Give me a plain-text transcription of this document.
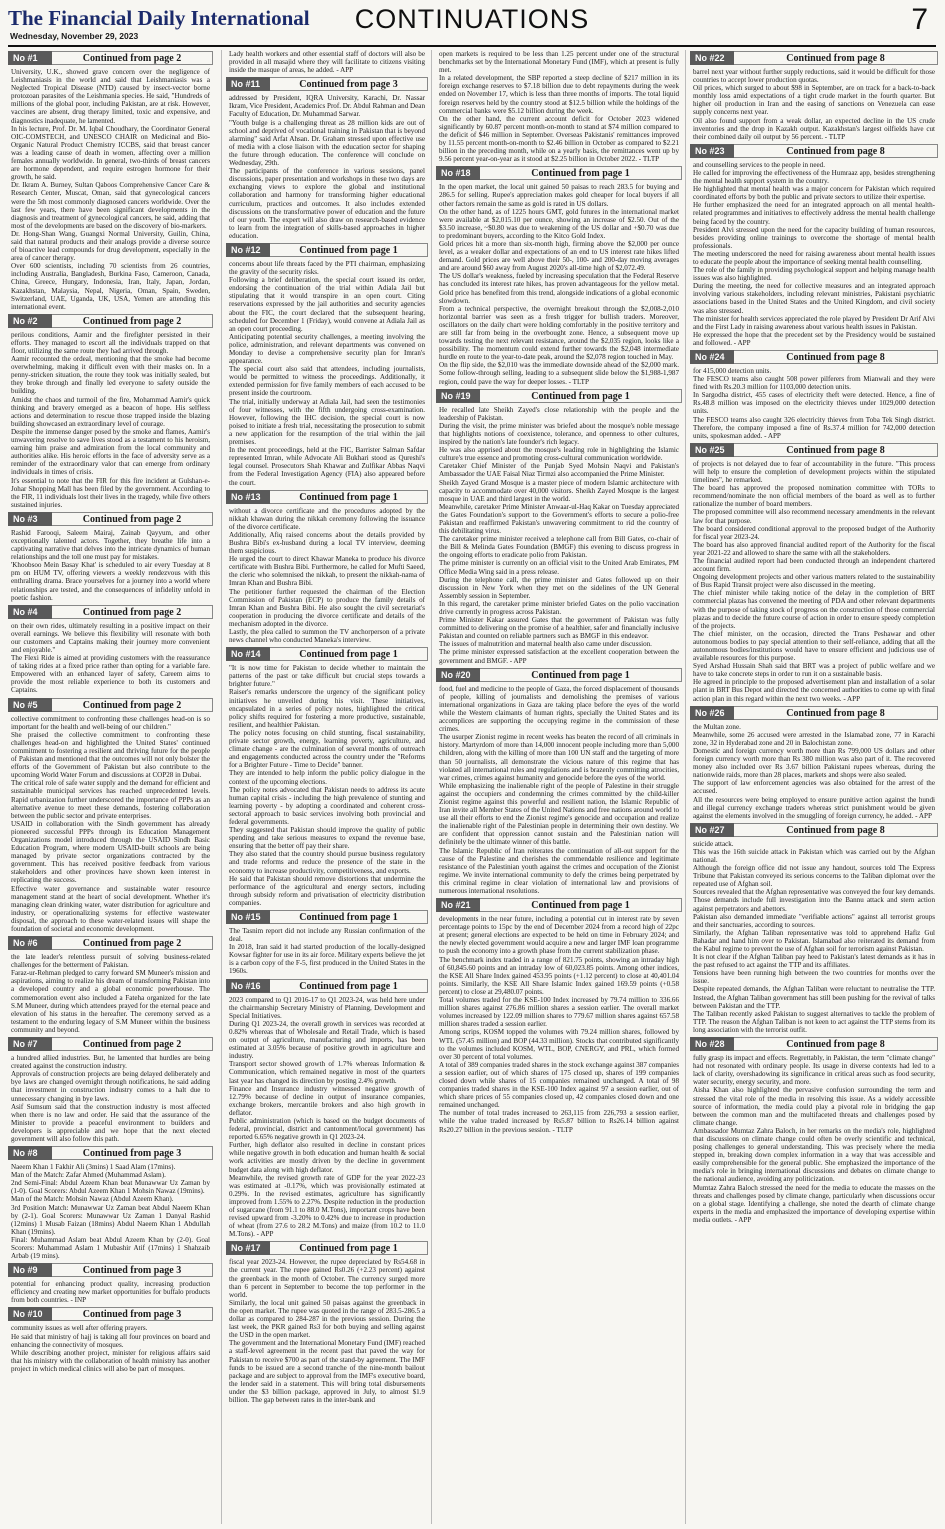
The Financial Daily International
Wednesday, November 29, 2023
CONTINUATIONS	7
No #1	Continued from page 2

University, U.K., showed grave concern over the negligence of Leishmaniasis in the world and said that Leishmaniasis was a Neglected Tropical Disease (NTD) caused by insect-vector borne protozoan parasites of the Leishmania species. He said, "Hundreds of millions of the global poor, including Pakistan, are at risk. However, vaccines are absent, drug therapy limited, toxic and expensive, and diagnostics inadequate, he lamented.
In his lecture, Prof. Dr. M. Iqbal Choudhary, the Coordinator General OIC-COMSTECH, and UNESCO CHAIR on Medicinal and Bio-Organic Natural Product Chemistry ICCBS, said that breast cancer was a leading cause of death in women, affecting over a million females annually worldwide. In general, two-thirds of breast cancers are hormone dependent, and require estrogen hormone for their growth, he said.
Dr. Ikram A. Burney, Sultan Qaboos Comprehensive Cancer Care & Research Center, Muscat, Oman, said that gynecological cancers were the 5th most commonly diagnosed cancers worldwide. Over the last few years, there have been significant developments in the diagnosis and treatment of gynecological cancers, he said, adding that most of the developments are based on the discovery of bio-markers.
Dr. Hong-Shan Wang, Guangxi Normal University, Guilin, China, said that natural products and their analogs provide a diverse source of bioactive lead compounds for drug development, especially in the area of cancer therapy.
Over 600 scientists, including 70 scientists from 26 countries, including Australia, Bangladesh, Burkina Faso, Cameroon, Canada, China, Greece, Hungary, Indonesia, Iran, Italy, Japan, Jordan, Kazakhstan, Malaysia, Nepal, Nigeria, Oman, Spain, Sweden, Switzerland, UAE, Uganda, UK, USA, Yemen are attending this international event.

No #2	Continued from page 2

perilous conditions, Aamir and the firefighter persisted in their efforts. They managed to escort all the individuals trapped on that floor, utilizing the same route they had arrived through.
Aamir recounted the ordeal, mentioning that the smoke had become overwhelming, making it difficult even with their masks on. In a penny-stricken situation, the route they took was initially sealed, but they broke through and finally led everyone to safety outside the building.
Amidst the chaos and turmoil of the fire, Mohammad Aamir's quick thinking and bravery emerged as a beacon of hope. His selfless actions and determination to rescue those trapped inside the blazing building showcased an extraordinary level of courage.
Despite the immense danger posed by the smoke and flames, Aamir's unwavering resolve to save lives stood as a testament to his heroism, earning him praise and admiration from the local community and authorities alike. His heroic efforts in the face of adversity serve as a reminder of the extraordinary valor that can emerge from ordinary individuals in times of crisis.
It's essential to note that the FIR for this fire incident at Gulshan-e-Johar Shopping Mall has been filed by the government. According to the FIR, 11 individuals lost their lives in the tragedy, while five others sustained injuries.

No #3	Continued from page 2

Rashid Farooqi, Saleem Mairaj, Zainab Qayyum, and other exceptionally talented actors. Together, they breathe life into a captivating narrative that delves into the intricate dynamics of human relationships and the toll one must pay for mistakes.
'Khoobsoo Mein Basay Khat' is scheduled to air every Tuesday at 8 pm on HUM TV, offering viewers a weekly rendezvous with this enthralling drama. Brace yourselves for a journey into a world where relationships are tested, and the consequences of infidelity unfold in poetic fashion.

No #4	Continued from page 2

on their own rides, ultimately resulting in a positive impact on their overall earnings. We believe this flexibility will resonate with both our customers and Captains making their journey more convenient and enjoyable."
The Flexi Ride is aimed at providing customers with the reassurance of taking rides at a fixed price rather than opting for a variable fare. Empowered with an enhanced layer of safety, Careem aims to provide the most reliable experience to both its customers and Captains.

No #5	Continued from page 2

collective commitment to confronting these challenges head-on is so important for the health and well-being of our children."
She praised the collective commitment to confronting these challenges head-on and highlighted the United States' continued commitment to fostering a resilient and thriving future for the people of Pakistan and mentioned that the outcomes will not only bolster the efforts of the Government of Pakistan but also contribute to the upcoming World Water Forum and discussions at COP28 in Dubai.
The critical role of safe water supply and the demand for efficient and sustainable municipal services has reached unprecedented levels. Rapid urbanization further underscored the importance of PPPs as an alternative avenue to meet these demands, fostering collaboration between the public sector and private enterprises.
USAID in collaboration with the Sindh government has already pioneered successful PPPs through its Education Management Organizations model introduced through the USAID Sindh Basic Education Program, where modern USAID-built schools are being managed by private sector organizations contracted by the government. This has received positive feedback from various stakeholders and other provinces have shown keen interest in replicating the success.
Effective water governance and sustainable water resource management stand at the heart of social development. Whether it's managing clean drinking water, water distribution for agriculture and industry, or operationalizing systems for effective wastewater disposal, the approach to these water-related issues will shape the foundation of societal and economic development.

No #6	Continued from page 2

the late leader's relentless pursuit of solving business-related challenges for the betterment of Pakistan.
Faraz-ur-Rehman pledged to carry forward SM Muneer's mission and aspirations, aiming to realize his dream of transforming Pakistan into a developed country and a global economic powerhouse. The commemoration event also included a Fateha organized for the late S.M Muneer, during which attendees prayed for the eternal peace and elevation of his status in the hereafter. The ceremony served as a testament to the enduring legacy of S.M Muneer within the business community and beyond.

No #7	Continued from page 2

a hundred allied industries. But, he lamented that hurdles are being created against the construction industry.
Approvals of construction projects are being delayed deliberately and bye laws are changed overnight through notifications, he said adding that investment in construction industry comes to a halt due to unnecessary changing in bye laws.
Asif Sumsum said that the construction industry is most affected when there is no law and order. He said that the assurance of the Minister to provide a peaceful environment to builders and developers is appreciable and we hope that the next elected government will also follow this path.

No #8	Continued from page 3

Naeem Khan 1 Fakhir Ali (3mins) 1 Saad Alam (17mins).
Man of the Match: Zafar Ahmed (Muhammad Aslam).
2nd Semi-Final: Abdul Azeem Khan beat Munawwar Uz Zaman by (1-0). Goal Scorers: Abdul Azeem Khan 1 Mohsin Nawaz (19mins).
Man of the Match: Mohsin Nawaz (Abdul Azeem Khan).
3rd Position Match: Munawwar Uz Zaman beat Abdul Naeem Khan by (2-1). Goal Scorers: Munawwar Uz Zaman 1 Danyal Rashid (12mins) 1 Musab Faizan (18mins) Abdul Naeem Khan 1 Abdullah Khan (19mins).
Final: Muhammad Aslam beat Abdul Azeem Khan by (2-0). Goal Scorers: Muhammad Aslam 1 Mubashir Atif (17mins) 1 Shahzaib Arbab (19 mins).

No #9	Continued from page 3

potential for enhancing product quality, increasing production efficiency and creating new market opportunities for buffalo products from both countries. - INP

No #10	Continued from page 3

community issues as well after offering prayers.
He said that ministry of hajj is taking all four provinces on board and enhancing the connectivity of mosques.
While describing another project, minister for religious affairs said that his ministry with the collaboration of health ministry has another project in which medical clinics will also be part of mosques.

Lady health workers and other essential staff of doctors will also be provided in all masajid where they will facilitate to citizens visiting inside the masque of areas, he added. - APP

No #11	Continued from page 3

addressed by President, IQRA University, Karachi, Dr. Nassar Ikram, Vice President, Academics Prof. Dr. Abdul Rahman and Dean Faculty of Education, Dr. Muhammad Sarwar.
"Youth bulge is a challenging threat as 28 million kids are out of school and deprived of vocational training in Pakistan that is beyond alarming" said Arfat Ahsan. Dr. Graham stressed upon effective use of media with a close liaison with the education sector for shaping the future through education. The conference will conclude on Wednesday, 29th.
The participants of the conference in various sessions, panel discussions, paper presentation and workshops in these two days are exchanging views to explore the global and institutional collaboration and harmony for transforming higher educational curriculum, practices and outcomes. It also includes extended discussions on the transformative power of education and the future of our youth. The expert will also draw on research-based evidence to learn from the integration of skills-based approaches in higher education.

No #12	Continued from page 1

concerns about life threats faced by the PTI chairman, emphasizing the gravity of the security risks.
Following a brief deliberation, the special court issued its order, endorsing the continuation of the trial within Adiala Jail but stipulating that it would transpire in an open court. Citing reservations expressed by the jail authorities and security agencies about the FIC, the court declared that the subsequent hearing, scheduled for December 1 (Friday), would convene at Adiala Jail as an open court proceeding.
Anticipating potential security challenges, a meeting involving the police, administration, and relevant departments was convened on Monday to devise a comprehensive security plan for Imran's appearance.
The special court also said that attendees, including journalists, would be permitted to witness the proceedings. Additionally, it extended permission for five family members of each accused to be present inside the courtroom.
The trial, initially underway at Adiala Jail, had seen the testimonies of four witnesses, with the fifth undergoing cross-examination. However, following the IHC decision, the special court is now poised to initiate a fresh trial, necessitating the prosecution to submit a new application for the resumption of the trial within the jail premises.
In the recent proceedings, held at the FIC, Barrister Salman Safdar represented Imran, while Advocate Ali Bukhari stood as Qureshi's legal counsel. Prosecutors Shah Khawar and Zulfikar Abbas Naqvi from the Federal Investigation Agency (FIA) also appeared before the court.

No #13	Continued from page 1

without a divorce certificate and the procedures adopted by the nikkah khawan during the nikkah ceremony following the issuance of the divorce certificate.
Additionally, Afiq raised concerns about the details provided by Bushra Bibi's ex-husband during a local TV interview, deeming them suspicious.
He urged the court to direct Khawar Maneka to produce his divorce certificate with Bushra Bibi. Furthermore, he called for Mufti Saeed, the cleric who solemnised the nikkah, to present the nikkah-nama of Imran Khan and Bushra Bibi.
The petitioner further requested the chairman of the Election Commission of Pakistan (ECP) to produce the family details of Imran Khan and Bushra Bibi. He also sought the civil secretariat's cooperation in producing the divorce certificate and details of the mechanism adopted in the divorce.
Lastly, the plea called to summon the TV anchorperson of a private news channel who conducted Maneka's interview.

No #14	Continued from page 1

"It is now time for Pakistan to decide whether to maintain the patterns of the past or take difficult but crucial steps towards a brighter future."
Raiser's remarks underscore the urgency of the significant policy initiatives he unveiled during his visit. These initiatives, encapsulated in a series of policy notes, highlighted the critical policy shifts required for fostering a more productive, sustainable, resilient, and healthier Pakistan.
The policy notes focusing on child stunting, fiscal sustainability, private sector growth, energy, learning poverty, agriculture, and climate change - are the culmination of several months of outreach and engagements conducted across the country under the "Reforms for a Brighter Future - Time to Decide" banner.
They are intended to help inform the public policy dialogue in the context of the upcoming elections.
The policy notes advocated that Pakistan needs to address its acute human capital crisis - including the high prevalence of stunting and learning poverty - by adopting a coordinated and coherent cross-sectoral approach to basic services involving both provincial and federal governments.
They suggested that Pakistan should improve the quality of public spending and take serious measures to expand the revenue base, ensuring that the better off pay their share.
They also stated that the country should pursue business regulatory and trade reforms and reduce the presence of the state in the economy to increase productivity, competitiveness, and exports.
He said that Pakistan should remove distortions that undermine the performance of the agricultural and energy sectors, including through subsidy reform and privatisation of electricity distribution companies.

No #15	Continued from page 1

The Tasnim report did not include any Russian confirmation of the deal.
In 2018, Iran said it had started production of the locally-designed Kowsar fighter for use in its air force. Military experts believe the jet is a carbon copy of the F-5, first produced in the United States in the 1960s.

No #16	Continued from page 1

2023 compared to Q1 2016-17 to Q1 2023-24, was held here under the chairmanship Secretary Ministry of Planning, Development and Special Initiatives.
During Q1 2023-24, the overall growth in services was recorded at 0.82% whereas that of Wholesale and Retail Trade, which is based on output of agriculture, manufacturing and imports, has been estimated at 3.05% because of positive growth in agriculture and industry.
Transport sector showed growth of 1.7% whereas Information & Communication, which remained negative in most of the quarters last year has changed its direction by posting 2.4% growth.
Finance and Insurance industry witnessed negative growth of 12.79% because of decline in output of insurance companies, exchange brokers, mercantile brokers and also high growth in deflator.
Public administration (which is based on the budget documents of federal, provincial, district and cantonment/local government) has reported 6.65% negative growth in Q1 2023-24.
Further, high deflator also resulted in decline in constant prices while negative growth in both education and human health & social work activities are mostly driven by the decline in government budget data along with high deflator.
Meanwhile, the revised growth rate of GDP for the year 2022-23 was estimated at -0.17%, which was provisionally estimated at 0.29%. In the revised estimates, agriculture has significantly improved from 1.55% to 2.27%. Despite reduction in the production of sugarcane (from 91.1 to 88.0 M.Tons), important crops have been revised upward from -3.20% to 0.42% due to increase in production of wheat (from 27.6 to 28.2 M.Tons) and maize (from 10.2 to 11.0 M.Tons). - APP

No #17	Continued from page 1

fiscal year 2023-24. However, the rupee depreciated by Rs54.68 in the current year. The rupee gained Rs0.26 (+2.23 percent) against the greenback in the month of October. The currency surged more than 6 percent in September to become the top performer in the world.
Similarly, the local unit gained 50 paisas against the greenback in the open market. The rupee was quoted in the range of 283.5-286.5 a dollar as compared to 284-287 in the previous session. During the last week, the PKR gained Rs3 for both buying and selling against the USD in the open market.
The government and the International Monetary Fund (IMF) reached a staff-level agreement in the recent past that paved the way for Pakistan to receive $700 as part of the stand-by agreement. The IMF funds to be issued are a second tranche of the nine-month bailout package and are subject to approval from the IMF's executive board, the lender said in a statement. This will bring total disbursements under the $3 billion package, approved in July, to almost $1.9 billion. The gap between rates in the inter-bank and

open markets is required to be less than 1.25 percent under one of the structural benchmarks set by the International Monetary Fund (IMF), which at present is fully met.
In a related development, the SBP reported a steep decline of $217 million in its foreign exchange reserves to $7.18 billion due to debt repayments during the week ended on November 17, which is less than three months of imports. The total liquid foreign reserves held by the country stood at $12.5 billion while the holdings of the commercial banks were $5.12 billion during the week.
On the other hand, the current account deficit for October 2023 widened significantly by 60.87 percent month-on-month to stand at $74 million compared to the deficit of $46 million in September. Overseas Pakistanis' remittances improved by 11.55 percent month-on-month to $2.46 billion in October as compared to $2.21 billion in the preceding month, while on a yearly basis, the remittances went up by 9.56 percent year-on-year as it stood at $2.25 billion in October 2022. - TLTP

No #18	Continued from page 1

In the open market, the local unit gained 50 paisas to reach 283.5 for buying and 286.5 for selling. Rupee's appreciation makes gold cheaper for local buyers if all other factors remain the same as gold is rated in US dollars.
On the other hand, as of 1225 hours GMT, gold futures in the international market were available at $2,015.10 per ounce, showing an increase of $2.50. Out of the $3.50 increase, ~$0.80 was due to weakening of the US dollar and +$0.70 was due to predominant buyers, according to the Kitco Gold Index.
Gold prices hit a more than six-month high, firming above the $2,000 per ounce level, as a weaker dollar and expectations of an end to US interest rate hikes lifted demand. Gold prices are well above their 50-, 100- and 200-day moving averages and are around $60 away from August 2020's all-time high of $2,072.49.
The US dollar's weakness, fueled by increasing speculation that the Federal Reserve has concluded its interest rate hikes, has proven advantageous for the yellow metal. Gold price has benefited from this trend, alongside indications of a global economic slowdown.
From a technical perspective, the overnight breakout through the $2,008-2,010 horizontal barrier was seen as a fresh trigger for bullish traders. Moreover, oscillators on the daily chart were holding comfortably in the positive territory and are still far from being in the overbought zone. Hence, a subsequent move up towards testing the next relevant resistance, around the $2,035 region, looks like a possibility. The momentum could extend further towards the $2,048 intermediate hurdle en route to the year-to-date peak, around the $2,078 region touched in May.
On the flip side, the $2,010 was the immediate downside ahead of the $2,000 mark. Some follow-through selling, leading to a subsequent slide below the $1,988-1,987 region, could pave the way for deeper losses. - TLTP

No #19	Continued from page 1

He recalled late Sheikh Zayed's close relationship with the people and the leadership of Pakistan.
During the visit, the prime minister was briefed about the mosque's noble message that highlights notions of coexistence, tolerance, and openness to other cultures, inspired by the nation's late founder's rich legacy.
He was also apprised about the mosque's leading role in highlighting the Islamic culture's true essence and promoting cross-cultural communication worldwide.
Caretaker Chief Minister of the Punjab Syed Mohsin Naqvi and Pakistan's Ambassador the UAE Faisal Niaz Tirmzi also accompanied the Prime Minister.
Sheikh Zayed Grand Mosque is a master piece of modern Islamic architecture with capacity to accommodate over 40,000 visitors. Sheikh Zayed Mosque is the largest mosque in UAE and third largest in the world.
Meanwhile, caretaker Prime Minister Anwaar-ul-Haq Kakar on Tuesday appreciated the Gates Foundation's support to the Government's efforts to secure a polio-free Pakistan and reaffirmed Pakistan's unwavering commitment to rid the country of this debilitating virus.
The caretaker prime minister received a telephone call from Bill Gates, co-chair of the Bill & Melinda Gates Foundation (BMGF) this evening to discuss progress in the ongoing efforts to eradicate polio from Pakistan.
The prime minister is currently on an official visit to the United Arab Emirates, PM Office Media Wing said in a press release.
During the telephone call, the prime minister and Gates followed up on their discussion in New York when they met on the sidelines of the UN General Assembly session in September.
In this regard, the caretaker prime minister briefed Gates on the polio vaccination drive currently in progress across Pakistan.
Prime Minister Kakar assured Gates that the government of Pakistan was fully committed to delivering on the promise of a healthier, safer and financially inclusive Pakistan and counted on reliable partners such as BMGF in this endeavor.
The issues of malnutrition and maternal health also came under discussion.
The prime minister expressed satisfaction at the excellent cooperation between the government and BMGF. - APP

No #20	Continued from page 1

food, fuel and medicine to the people of Gaza, the forced displacement of thousands of people, killing of journalists and demolishing the premises of various international organizations in Gaza are taking place before the eyes of the world while the Western claimants of human rights, specially the United States and its accomplices are supporting the occupying regime in the commission of these crimes.
The usurper Zionist regime in recent weeks has beaten the record of all criminals in history. Martyrdom of more than 14,000 innocent people including more than 5,000 children, along with the killing of more than 100 UN staff and the targeting of more than 50 journalists, all demonstrate the vicious nature of this regime that has violated all international rules and regulations and is brazenly committing atrocities, war crimes, crimes against humanity and genocide before the eyes of the world.
While emphasizing the inalienable right of the people of Palestine in their struggle against the occupiers and condemning the crimes committed by the child-killer Zionist regime against this powerful and resilient nation, the Islamic Republic of Iran invite all Member States of the United Nations and free nations around world to use all their efforts to end the Zionist regime's genocide and occupation and realize the inalienable right of the Palestinian people in determining their own destiny. We are confident that oppression cannot sustain and the Palestinian nation will definitely be the ultimate winner of this battle.
The Islamic Republic of Iran reiterates the continuation of all-out support for the cause of the Palestine and cherishes the commendable resilience and legitimate resistance of the Palestinian youth against the crimes and occupation of the Zionist regime. We invite international community to defy the crimes being perpetrated by this criminal regime in clear violation of international law and provisions of numerous international resolutions.

No #21	Continued from page 1

developments in the near future, including a potential cut in interest rate by seven percentage points to 15pc by the end of December 2024 from a record high of 22pc at present; general elections are expected to be held on time in February 2024; and the newly elected government would acquire a new and larger IMF loan programme to push the economy into a growth phase from the current stabilization phase.
The benchmark index traded in a range of 821.75 points, showing an intraday high of 60,845.60 points and an intraday low of 60,023.85 points. Among other indices, the KSE All Share Index gained 453.95 points (+1.12 percent) to close at 40,401.04 points. Similarly, the KSE All Share Islamic Index gained 169.59 points (+0.58 percent) to close at 29,480.07 points.
Total volumes traded for the KSE-100 Index increased by 79.74 million to 336.66 million shares against 276.86 million shares a session earlier. The overall market volumes increased by 122.09 million shares to 779.67 million shares against 657.58 million shares traded a session earlier.
Among scrips, KOSM topped the volumes with 79.24 million shares, followed by WTL (57.45 million) and BOP (44.33 million). Stocks that contributed significantly to the volumes included KOSM, WTL, BOP, CNERGY, and PRL, which formed over 30 percent of total volumes.
A total of 389 companies traded shares in the stock exchange against 387 companies a session earlier, out of which shares of 175 closed up, shares of 199 companies closed down while shares of 15 companies remained unchanged. A total of 98 companies traded shares in the KSE-100 Index against 97 a session earlier, out of which share prices of 55 companies closed up, 42 companies closed down and one remained unchanged.
The number of total trades increased to 263,115 from 226,793 a session earlier, while the value traded increased by Rs5.87 billion to Rs26.14 billion against Rs20.27 billion in the previous session. - TLTP

No #22	Continued from page 8

barrel next year without further supply reductions, said it would be difficult for those countries to accept lower production quotas.
Oil prices, which surged to about $98 in September, are on track for a back-to-back monthly loss amid expectations of a tight crude market in the fourth quarter. But higher oil production in Iran and the easing of sanctions on Venezuela can ease supply concerns next year.
Oil also found support from a weak dollar, an expected decline in the US crude inventories and the drop in Kazakh output. Kazakhstan's largest oilfields have cut their combined daily oil output by 56 percent. - TLTP

No #23	Continued from page 8

and counselling services to the people in need.
He called for improving the effectiveness of the Humraaz app, besides strengthening the mental health support system in the country.
He highlighted that mental health was a major concern for Pakistan which required coordinated efforts by both the public and private sectors to utilize their expertise.
He further emphasized the need for an integrated approach on all mental health-related programmes and initiatives to effectively address the mental health challenge being faced by the country.
President Alvi stressed upon the need for the capacity building of human resources, besides providing online trainings to overcome the shortage of mental health professionals.
The meeting underscored the need for raising awareness about mental health issues to educate the people about the importance of seeking mental health counselling.
The role of the family in providing psychological support and helping manage health issues was also highlighted.
During the meeting, the need for collective measures and an integrated approach involving various stakeholders, including relevant ministries, Pakistani psychiatric associations based in the United States and the United Kingdom, and civil society was also stressed.
The minister for health services appreciated the role played by President Dr Arif Alvi and the First Lady in raising awareness about various health issues in Pakistan.
He expressed the hope that the precedent set by the Presidency would be sustained and followed. - APP

No #24	Continued from page 8

for 415,000 detection units.
The FESCO teams also caught 508 power pilferers from Mianwali and they were fined with Rs.20.3 million for 1103,000 detection units.
In Sargodha district, 455 cases of electricity theft were detected. Hence, a fine of Rs.48.8 million was imposed on the electricity thieves under 1029,000 detection units.
The FESCO teams also caught 326 electricity thieves from Toba Tek Singh district. Therefore, the company imposed a fine of Rs.37.4 million for 742,000 detection units, spokesman added. - APP

No #25	Continued from page 8

of projects is not delayed due to fear of accountability in the future. "This process will help to ensure the completion of development projects within the stipulated timelines", he remarked.
The board has approved the proposed nomination committee with TORs to recommend/nominate the non official members of the board as well as to further rationalize the number of board members.
The proposed committee will also recommend necessary amendments in the relevant law for that purpose.
The board considered conditional approval to the proposed budget of the Authority for fiscal year 2023-24.
The board has also approved financial audited report of the Authority for the fiscal year 2021-22 and allowed to share the same with all the stakeholders.
The financial audited report had been conducted through an independent chartered account firm.
Ongoing development projects and other various matters related to the sustainability of Bus Rapid Transit project were also discussed in the meeting.
The chief minister while taking notice of the delay in the completion of BRT commercial plazas has convened the meeting of PDA and other relevant departments with the purpose of taking stock of progress on the construction of those commercial plazas and to decide the future course of action in order to ensure speedy completion of the projects.
The chief minister, on the occasion, directed the Trans Peshawar and other autonomous bodies to pay special attention to their self-reliance, adding that all the autonomous bodies/institutions would have to ensure efficient and judicious use of available resources for this purpose.
Syed Arshad Hussain Shah said that BRT was a project of public welfare and we have to take concrete steps in order to run it on a sustainable basis.
He agreed in principle to the proposed advertisement plan and installation of a solar plant in BRT Bus Depot and directed the concerned authorities to come up with final action plan in this regard within the next two weeks. - APP

No #26	Continued from page 8

the Multan zone.
Meanwhile, some 26 accused were arrested in the Islamabad zone, 77 in Karachi zone, 32 in Hyderabad zone and 20 in Balochistan zone.
Domestic and foreign currency worth more than Rs 799,000 US dollars and other foreign currency worth more than Rs 380 million was also part of it. The recovered money also included over Rs 3.67 billion Pakistani rupees whereas, during the nationwide raids, more than 28 places, markets and shops were also sealed.
The support of law enforcement agencies was also obtained for the arrest of the accused.
All the resources were being employed to ensure punitive action against the hundi and illegal currency exchange traders whereas strict punishment would be given against the elements involved in the smuggling of foreign currency, he added. - APP

No #27	Continued from page 8

suicide attack.
This was the 16th suicide attack in Pakistan which was carried out by the Afghan national.
Although the foreign office did not issue any handout, sources told The Express Tribune that Pakistan conveyed its serious concerns to the Taliban diplomat over the repeated use of Afghan soil.
Sources revealed that the Afghan representative was conveyed the four key demands.
Those demands include full investigation into the Bannu attack and stern action against perpetrators and abettors.
Pakistan also demanded immediate "verifiable actions" against all terrorist groups and their sanctuaries, according to sources.
Similarly, the Afghan Taliban representative was told to apprehend Hafiz Gul Bahadar and hand him over to Pakistan. Islamabad also reiterated its demand from the Kabul regime to prevent the use of Afghan soil for terrorism against Pakistan.
It is not clear if the Afghan Taliban pay heed to Pakistan's latest demands as it has in the past refused to act against the TTP and its affiliates.
Tensions have been running high between the two countries for months over the issue.
Despite repeated demands, the Afghan Taliban were reluctant to neutralise the TTP. Instead, the Afghan Taliban government has still been pushing for the revival of talks between Pakistan and the TTP.
The Taliban recently asked Pakistan to suggest alternatives to tackle the problem of TTP. The reason the Afghan Taliban is not keen to act against the TTP stems from its long association with the terrorist outfit.

No #28	Continued from page 8

fully grasp its impact and effects. Regrettably, in Pakistan, the term "climate change" had not resonated with ordinary people. Its usage in diverse contexts had led to a lack of clarity, overshadowing its significance in critical areas such as food security, water security, energy security, and more.
Aisha Khan also highlighted the pervasive confusion surrounding the term and stressed the vital role of the media in resolving this issue. As a widely accessible source of information, the media could play a pivotal role in bridging the gap between the common man and the multifaceted threats and challenges posed by climate change.
Ambassador Mumtaz Zahra Baloch, in her remarks on the media's role, highlighted that discussions on climate change could often be overly scientific and technical, posing challenges to general understanding. This was precisely where the media stepped in, breaking down complex information in a way that was accessible and easily comprehensible for the general public. She emphasized the importance of the media's role in bringing international discussions and debates on climate change to the national audience, avoiding any politicization.
Mumtaz Zahra Baloch stressed the need for the media to educate the masses on the threats and challenges posed by climate change, particularly when discussions occur on a global stage. Identifying a challenge, she noted the dearth of climate change experts in the media and emphasized the importance of developing expertise within media outlets. - APP
